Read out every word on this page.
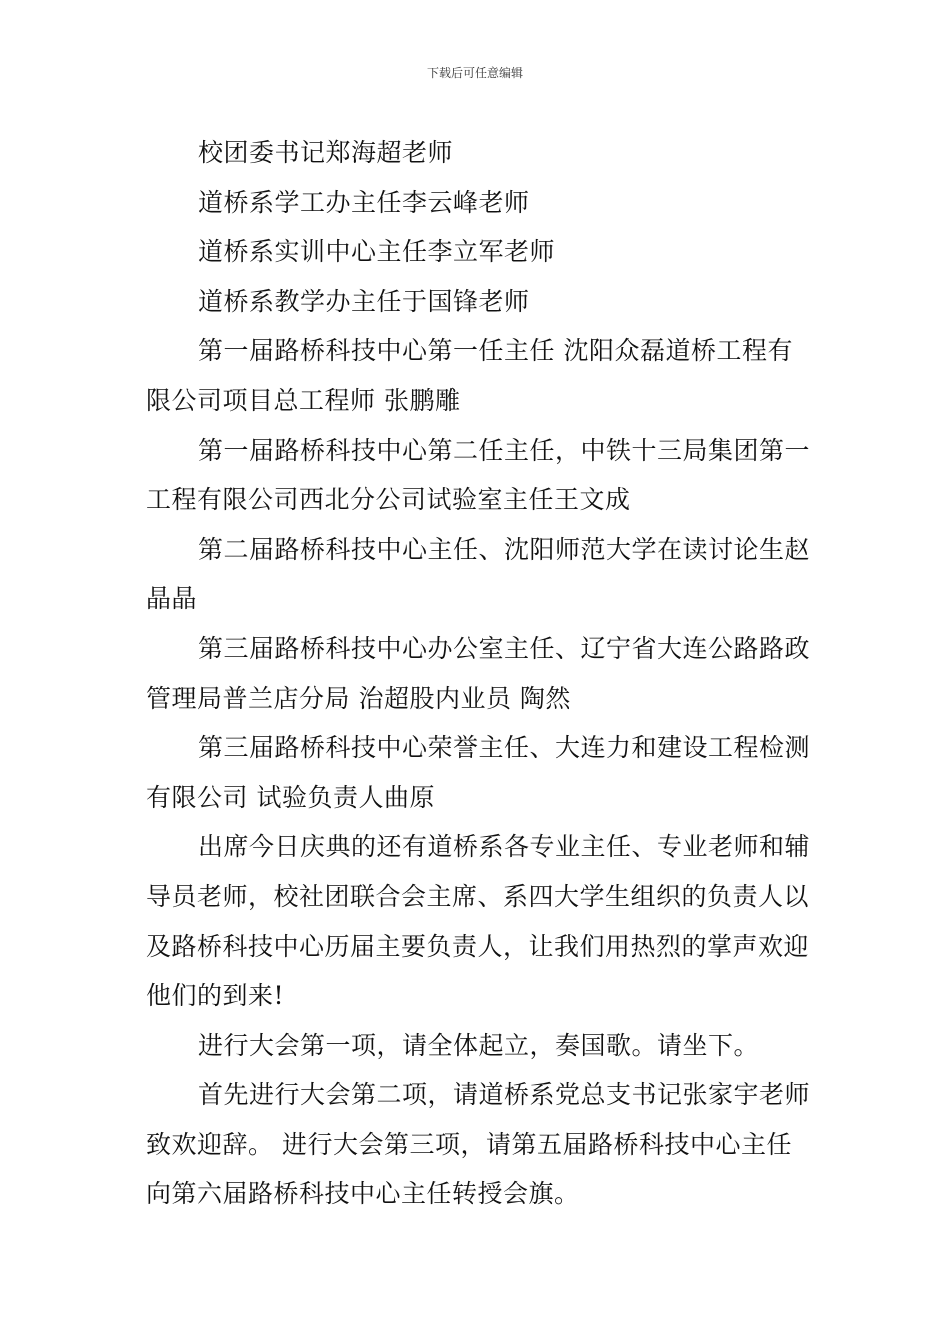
下载后可任意编辑

校团委书记郑海超老师

道桥系学工办主任李云峰老师

道桥系实训中心主任李立军老师

道桥系教学办主任于国锋老师

第一届路桥科技中心第一任主任 沈阳众磊道桥工程有限公司项目总工程师 张鹏雕

第一届路桥科技中心第二任主任，中铁十三局集团第一工程有限公司西北分公司试验室主任王文成

第二届路桥科技中心主任、沈阳师范大学在读讨论生赵晶晶

第三届路桥科技中心办公室主任、辽宁省大连公路路政管理局普兰店分局 治超股内业员 陶然

第三届路桥科技中心荣誉主任、大连力和建设工程检测有限公司 试验负责人曲原

出席今日庆典的还有道桥系各专业主任、专业老师和辅导员老师，校社团联合会主席、系四大学生组织的负责人以及路桥科技中心历届主要负责人，让我们用热烈的掌声欢迎他们的到来!

进行大会第一项，请全体起立，奏国歌。请坐下。

首先进行大会第二项，请道桥系党总支书记张家宇老师致欢迎辞。 进行大会第三项，请第五届路桥科技中心主任向第六届路桥科技中心主任转授会旗。
